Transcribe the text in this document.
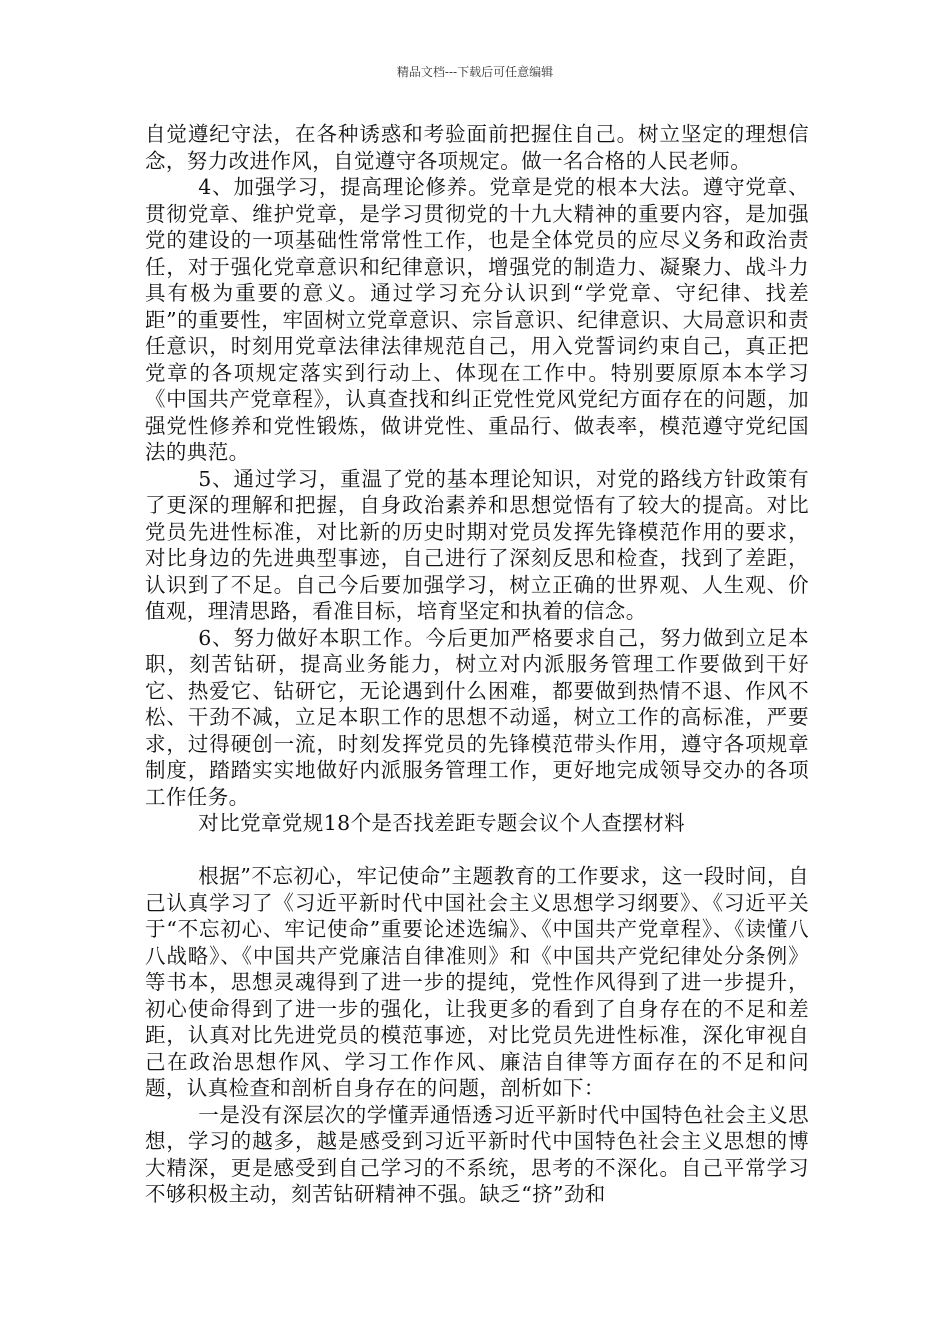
精品文档---下载后可任意编辑

自觉遵纪守法，在各种诱惑和考验面前把握住自己。树立坚定的理想信念，努力改进作风，自觉遵守各项规定。做一名合格的人民老师。

4、加强学习，提高理论修养。党章是党的根本大法。遵守党章、贯彻党章、维护党章，是学习贯彻党的十九大精神的重要内容，是加强党的建设的一项基础性常常性工作，也是全体党员的应尽义务和政治责任，对于强化党章意识和纪律意识，增强党的制造力、凝聚力、战斗力具有极为重要的意义。通过学习充分认识到“学党章、守纪律、找差距”的重要性，牢固树立党章意识、宗旨意识、纪律意识、大局意识和责任意识，时刻用党章法律法律规范自己，用入党誓词约束自己，真正把党章的各项规定落实到行动上、体现在工作中。特别要原原本本学习《中国共产党章程》，认真查找和纠正党性党风党纪方面存在的问题，加强党性修养和党性锻炼，做讲党性、重品行、做表率，模范遵守党纪国法的典范。

5、通过学习，重温了党的基本理论知识，对党的路线方针政策有了更深的理解和把握，自身政治素养和思想觉悟有了较大的提高。对比党员先进性标准，对比新的历史时期对党员发挥先锋模范作用的要求，对比身边的先进典型事迹，自己进行了深刻反思和检查，找到了差距，认识到了不足。自己今后要加强学习，树立正确的世界观、人生观、价值观，理清思路，看准目标，培育坚定和执着的信念。

6、努力做好本职工作。今后更加严格要求自己，努力做到立足本职，刻苦钻研，提高业务能力，树立对内派服务管理工作要做到干好它、热爱它、钻研它，无论遇到什么困难，都要做到热情不退、作风不松、干劲不减，立足本职工作的思想不动遥，树立工作的高标准，严要求，过得硬创一流，时刻发挥党员的先锋模范带头作用，遵守各项规章制度，踏踏实实地做好内派服务管理工作，更好地完成领导交办的各项工作任务。

对比党章党规18个是否找差距专题会议个人查摆材料

根据”不忘初心，牢记使命”主题教育的工作要求，这一段时间，自己认真学习了《习近平新时代中国社会主义思想学习纲要》、《习近平关于“不忘初心、牢记使命”重要论述选编》、《中国共产党章程》、《读懂八八战略》、《中国共产党廉洁自律准则》和《中国共产党纪律处分条例》等书本，思想灵魂得到了进一步的提纯，党性作风得到了进一步提升，初心使命得到了进一步的强化，让我更多的看到了自身存在的不足和差距，认真对比先进党员的模范事迹，对比党员先进性标准，深化审视自己在政治思想作风、学习工作作风、廉洁自律等方面存在的不足和问题，认真检查和剖析自身存在的问题，剖析如下：

一是没有深层次的学懂弄通悟透习近平新时代中国特色社会主义思想，学习的越多，越是感受到习近平新时代中国特色社会主义思想的博大精深，更是感受到自己学习的不系统，思考的不深化。自己平常学习不够积极主动，刻苦钻研精神不强。缺乏“挤”劲和
